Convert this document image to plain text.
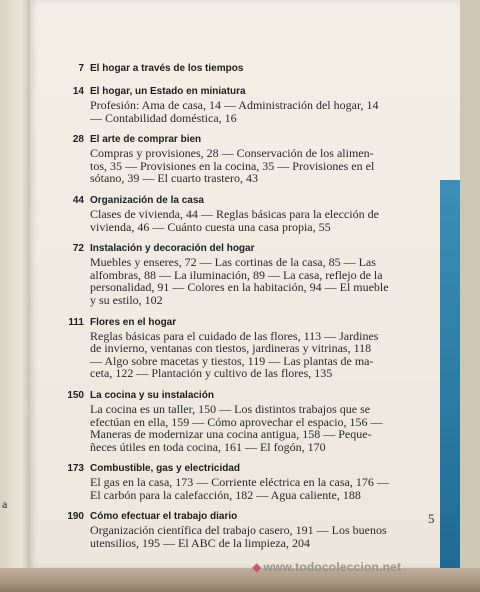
a
5
7 El hogar a través de los tiempos
14 El hogar, un Estado en miniatura
Profesión: Ama de casa, 14 — Administración del hogar, 14
— Contabilidad doméstica, 16
28 El arte de comprar bien
Compras y provisiones, 28 — Conservación de los alimen-
tos, 35 — Provisiones en la cocina, 35 — Provisiones en el
sótano, 39 — El cuarto trastero, 43
44 Organización de la casa
Clases de vivienda, 44 — Reglas básicas para la elección de
vivienda, 46 — Cuánto cuesta una casa propia, 55
72 Instalación y decoración del hogar
Muebles y enseres, 72 — Las cortinas de la casa, 85 — Las
alfombras, 88 — La iluminación, 89 — La casa, reflejo de la
personalidad, 91 — Colores en la habitación, 94 — El mueble
y su estilo, 102
111 Flores en el hogar
Reglas básicas para el cuidado de las flores, 113 — Jardines
de invierno, ventanas con tiestos, jardineras y vitrinas, 118
— Algo sobre macetas y tiestos, 119 — Las plantas de ma-
ceta, 122 — Plantación y cultivo de las flores, 135
150 La cocina y su instalación
La cocina es un taller, 150 — Los distintos trabajos que se
efectúan en ella, 159 — Cómo aprovechar el espacio, 156 —
Maneras de modernizar una cocina antigua, 158 — Peque-
ñeces útiles en toda cocina, 161 — El fogón, 170
173 Combustible, gas y electricidad
El gas en la casa, 173 — Corriente eléctrica en la casa, 176 —
El carbón para la calefacción, 182 — Agua caliente, 188
190 Cómo efectuar el trabajo diario
Organización científica del trabajo casero, 191 — Los buenos
utensilios, 195 — El ABC de la limpieza, 204
◆ www.todocoleccion.net
